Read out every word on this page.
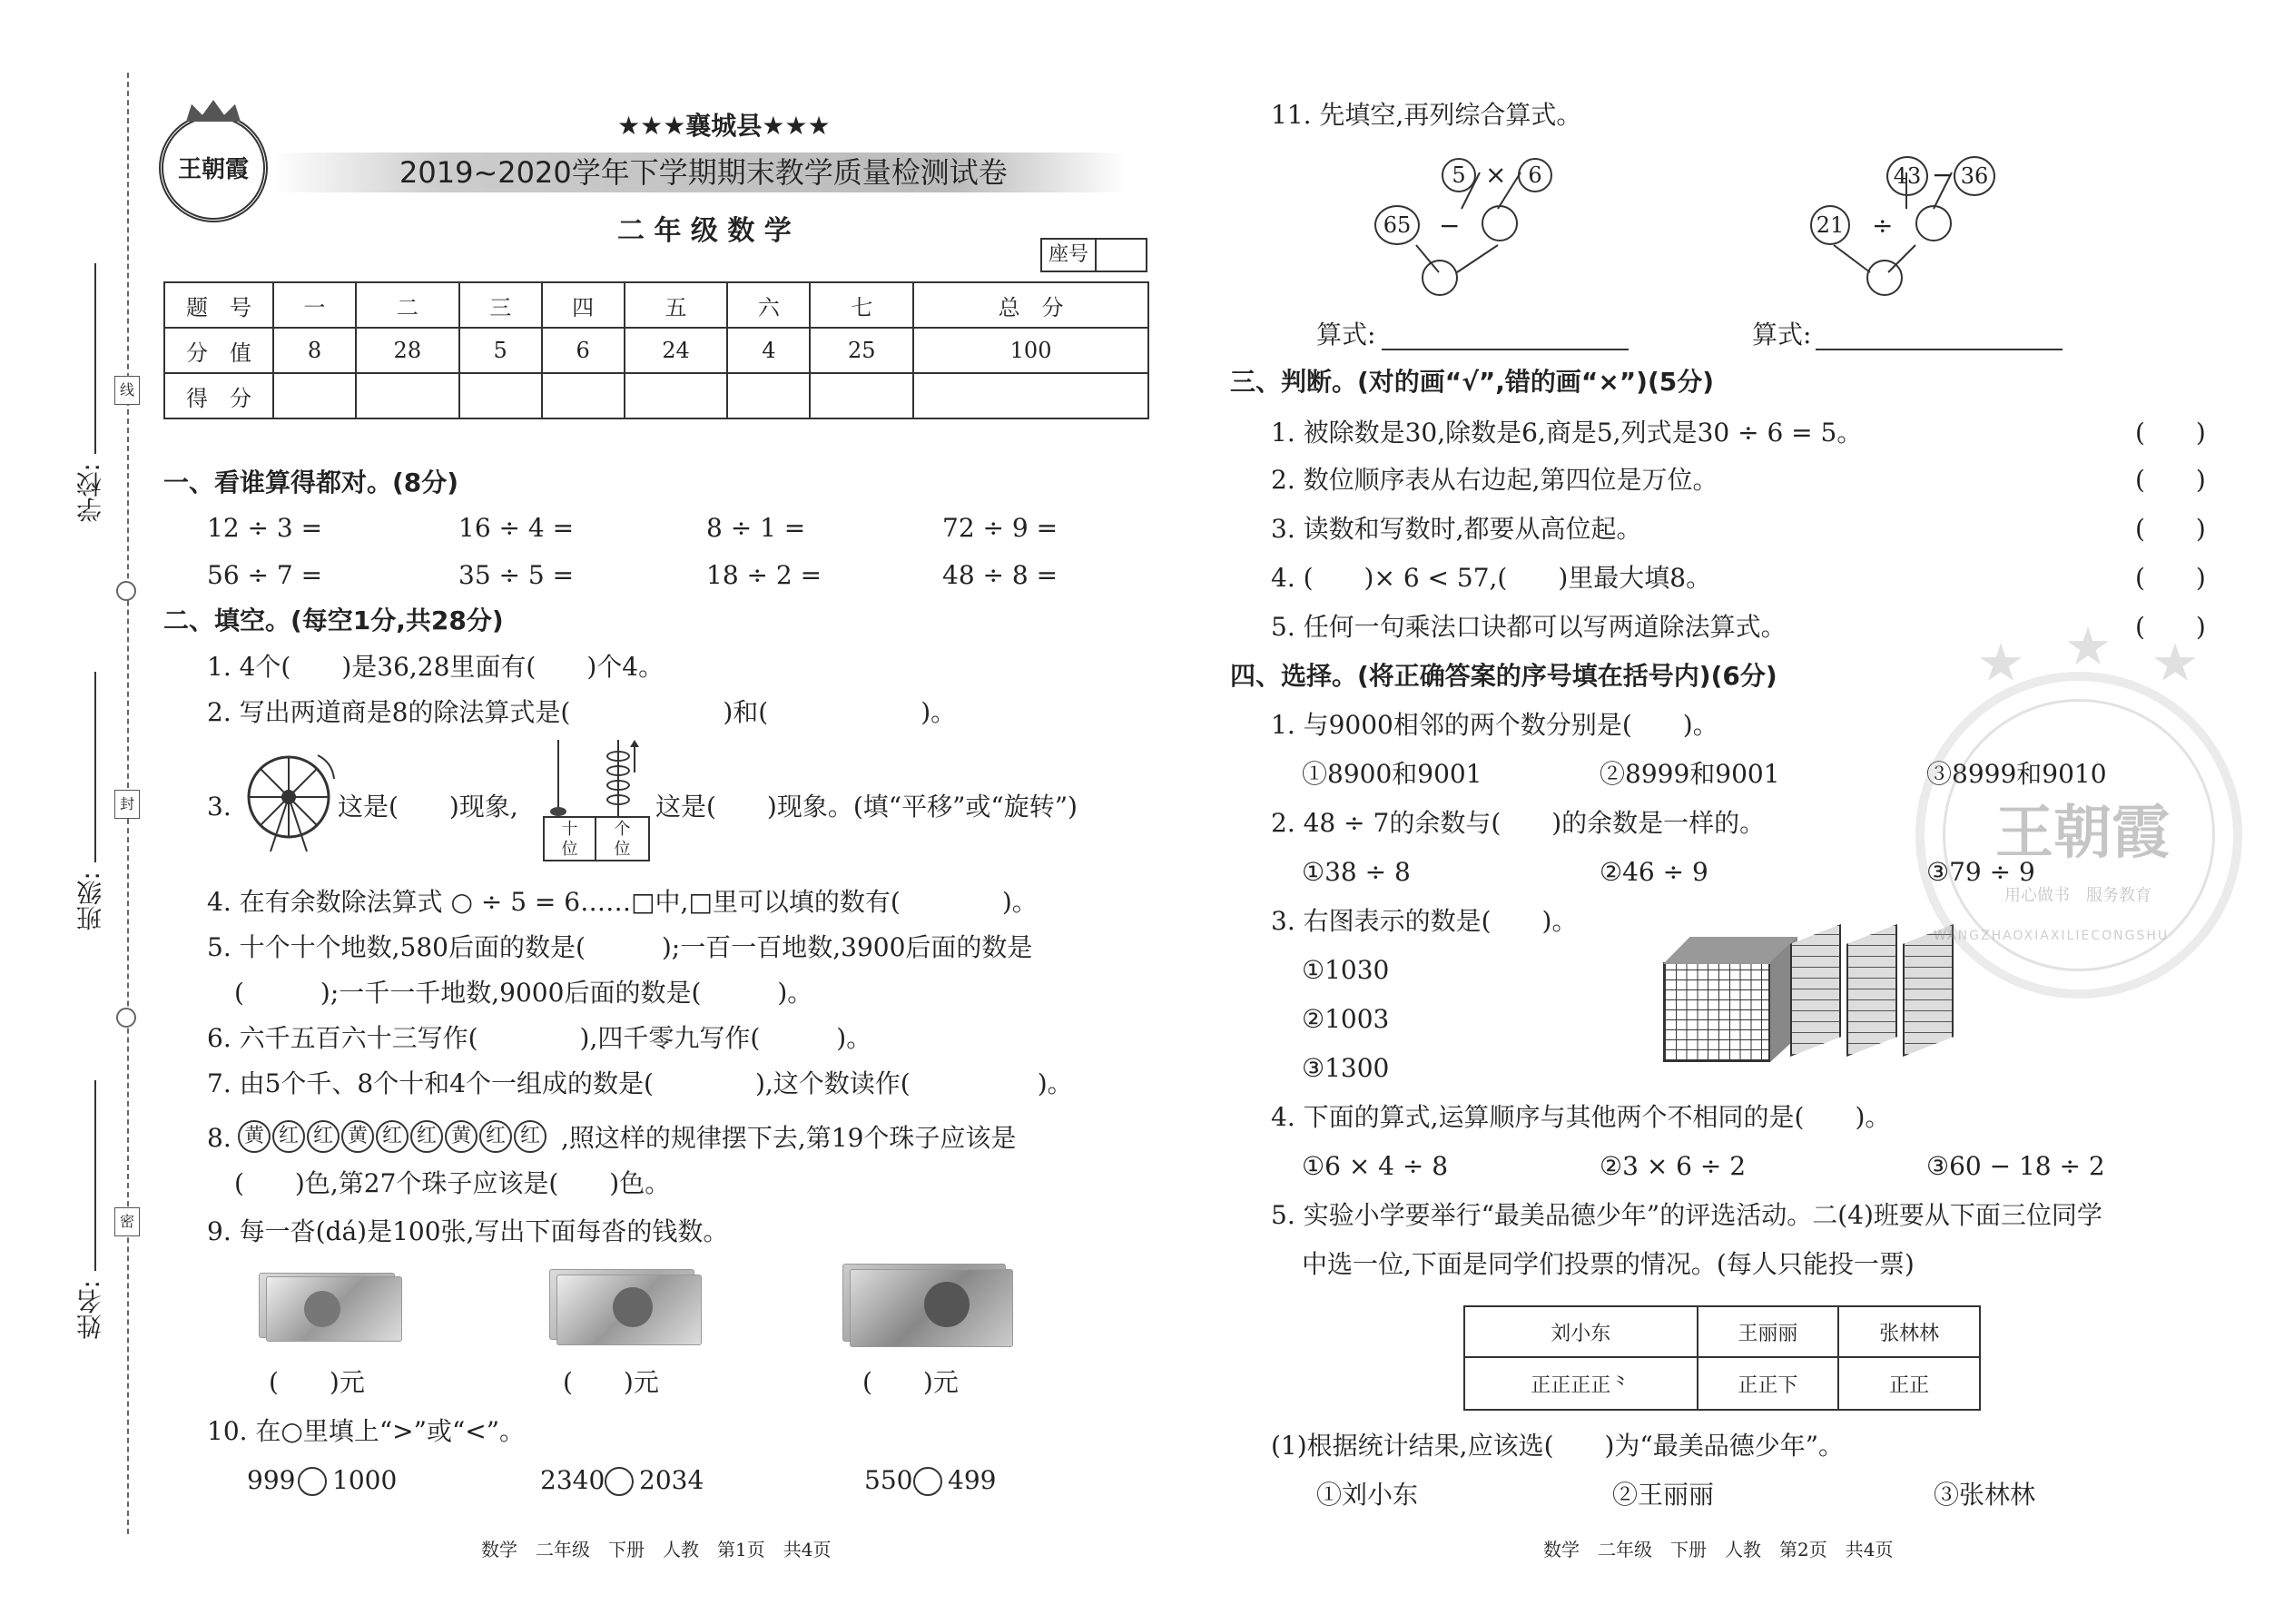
学校:
班级:
姓名:
线
封
密
王朝霞
★★★襄城县★★★
2019~2020学年下学期期末教学质量检测试卷
二 年 级 数 学
座号
题　号	一	二	三	四	五	六	七	总　分
分　值	8	28	5	6	24	4	25	100
得　分								
一、看谁算得都对。(8分)
12 ÷ 3 =	16 ÷ 4 =	8 ÷ 1 =	72 ÷ 9 =
56 ÷ 7 =	35 ÷ 5 =	18 ÷ 2 =	48 ÷ 8 =
二、填空。(每空1分,共28分)
1. 4个(　　)是36,28里面有(　　)个4。
2. 写出两道商是8的除法算式是(　　　　　　)和(　　　　　　)。
3.	这是(　　)现象,
十位
个位
这是(　　)现象。(填“平移”或“旋转”)
4. 在有余数除法算式 ○ ÷ 5 = 6……□中,□里可以填的数有(　　　　)。
5. 十个十个地数,580后面的数是(　　　);一百一百地数,3900后面的数是
(　　　);一千一千地数,9000后面的数是(　　　)。
6. 六千五百六十三写作(　　　　),四千零九写作(　　　)。
7. 由5个千、8个十和4个一组成的数是(　　　　),这个数读作(　　　　　)。
8. 黄 红 红 黄 红 红 黄 红 红 ,照这样的规律摆下去,第19个珠子应该是
(　　)色,第27个珠子应该是(　　)色。
9. 每一沓(dá)是100张,写出下面每沓的钱数。
(　　)元	(　　)元	(　　)元
10. 在○里填上“>”或“<”。
999 1000	2340 2034	550 499
数学　二年级　下册　人教　第1页　共4页
11. 先填空,再列综合算式。
5 × 6
65	−
43 − 36
21 ÷
算式:	算式:
三、判断。(对的画“√”,错的画“×”)(5分)
1. 被除数是30,除数是6,商是5,列式是30 ÷ 6 = 5。
2. 数位顺序表从右边起,第四位是万位。
3. 读数和写数时,都要从高位起。
4. (　　)× 6 < 57,(　　)里最大填8。
5. 任何一句乘法口诀都可以写两道除法算式。
(　　)
(　　)
(　　)
(　　)
(　　)
四、选择。(将正确答案的序号填在括号内)(6分)
1. 与9000相邻的两个数分别是(　　)。
①8900和9001	②8999和9001	③8999和9010
2. 48 ÷ 7的余数与(　　)的余数是一样的。
①38 ÷ 8	②46 ÷ 9	③79 ÷ 9
3. 右图表示的数是(　　)。
①1030
②1003
③1300
4. 下面的算式,运算顺序与其他两个不相同的是(　　)。
①6 × 4 ÷ 8	②3 × 6 ÷ 2	③60 − 18 ÷ 2
5. 实验小学要举行“最美品德少年”的评选活动。二(4)班要从下面三位同学
中选一位,下面是同学们投票的情况。(每人只能投一票)
刘小东	王丽丽	张林林
正正正正⺀	正正下	正正
(1)根据统计结果,应该选(　　)为“最美品德少年”。
①刘小东	②王丽丽	③张林林
王朝霞
用心做书　服务教育
WANGZHAOXIAXILIECONGSHU
数学　二年级　下册　人教　第2页　共4页
